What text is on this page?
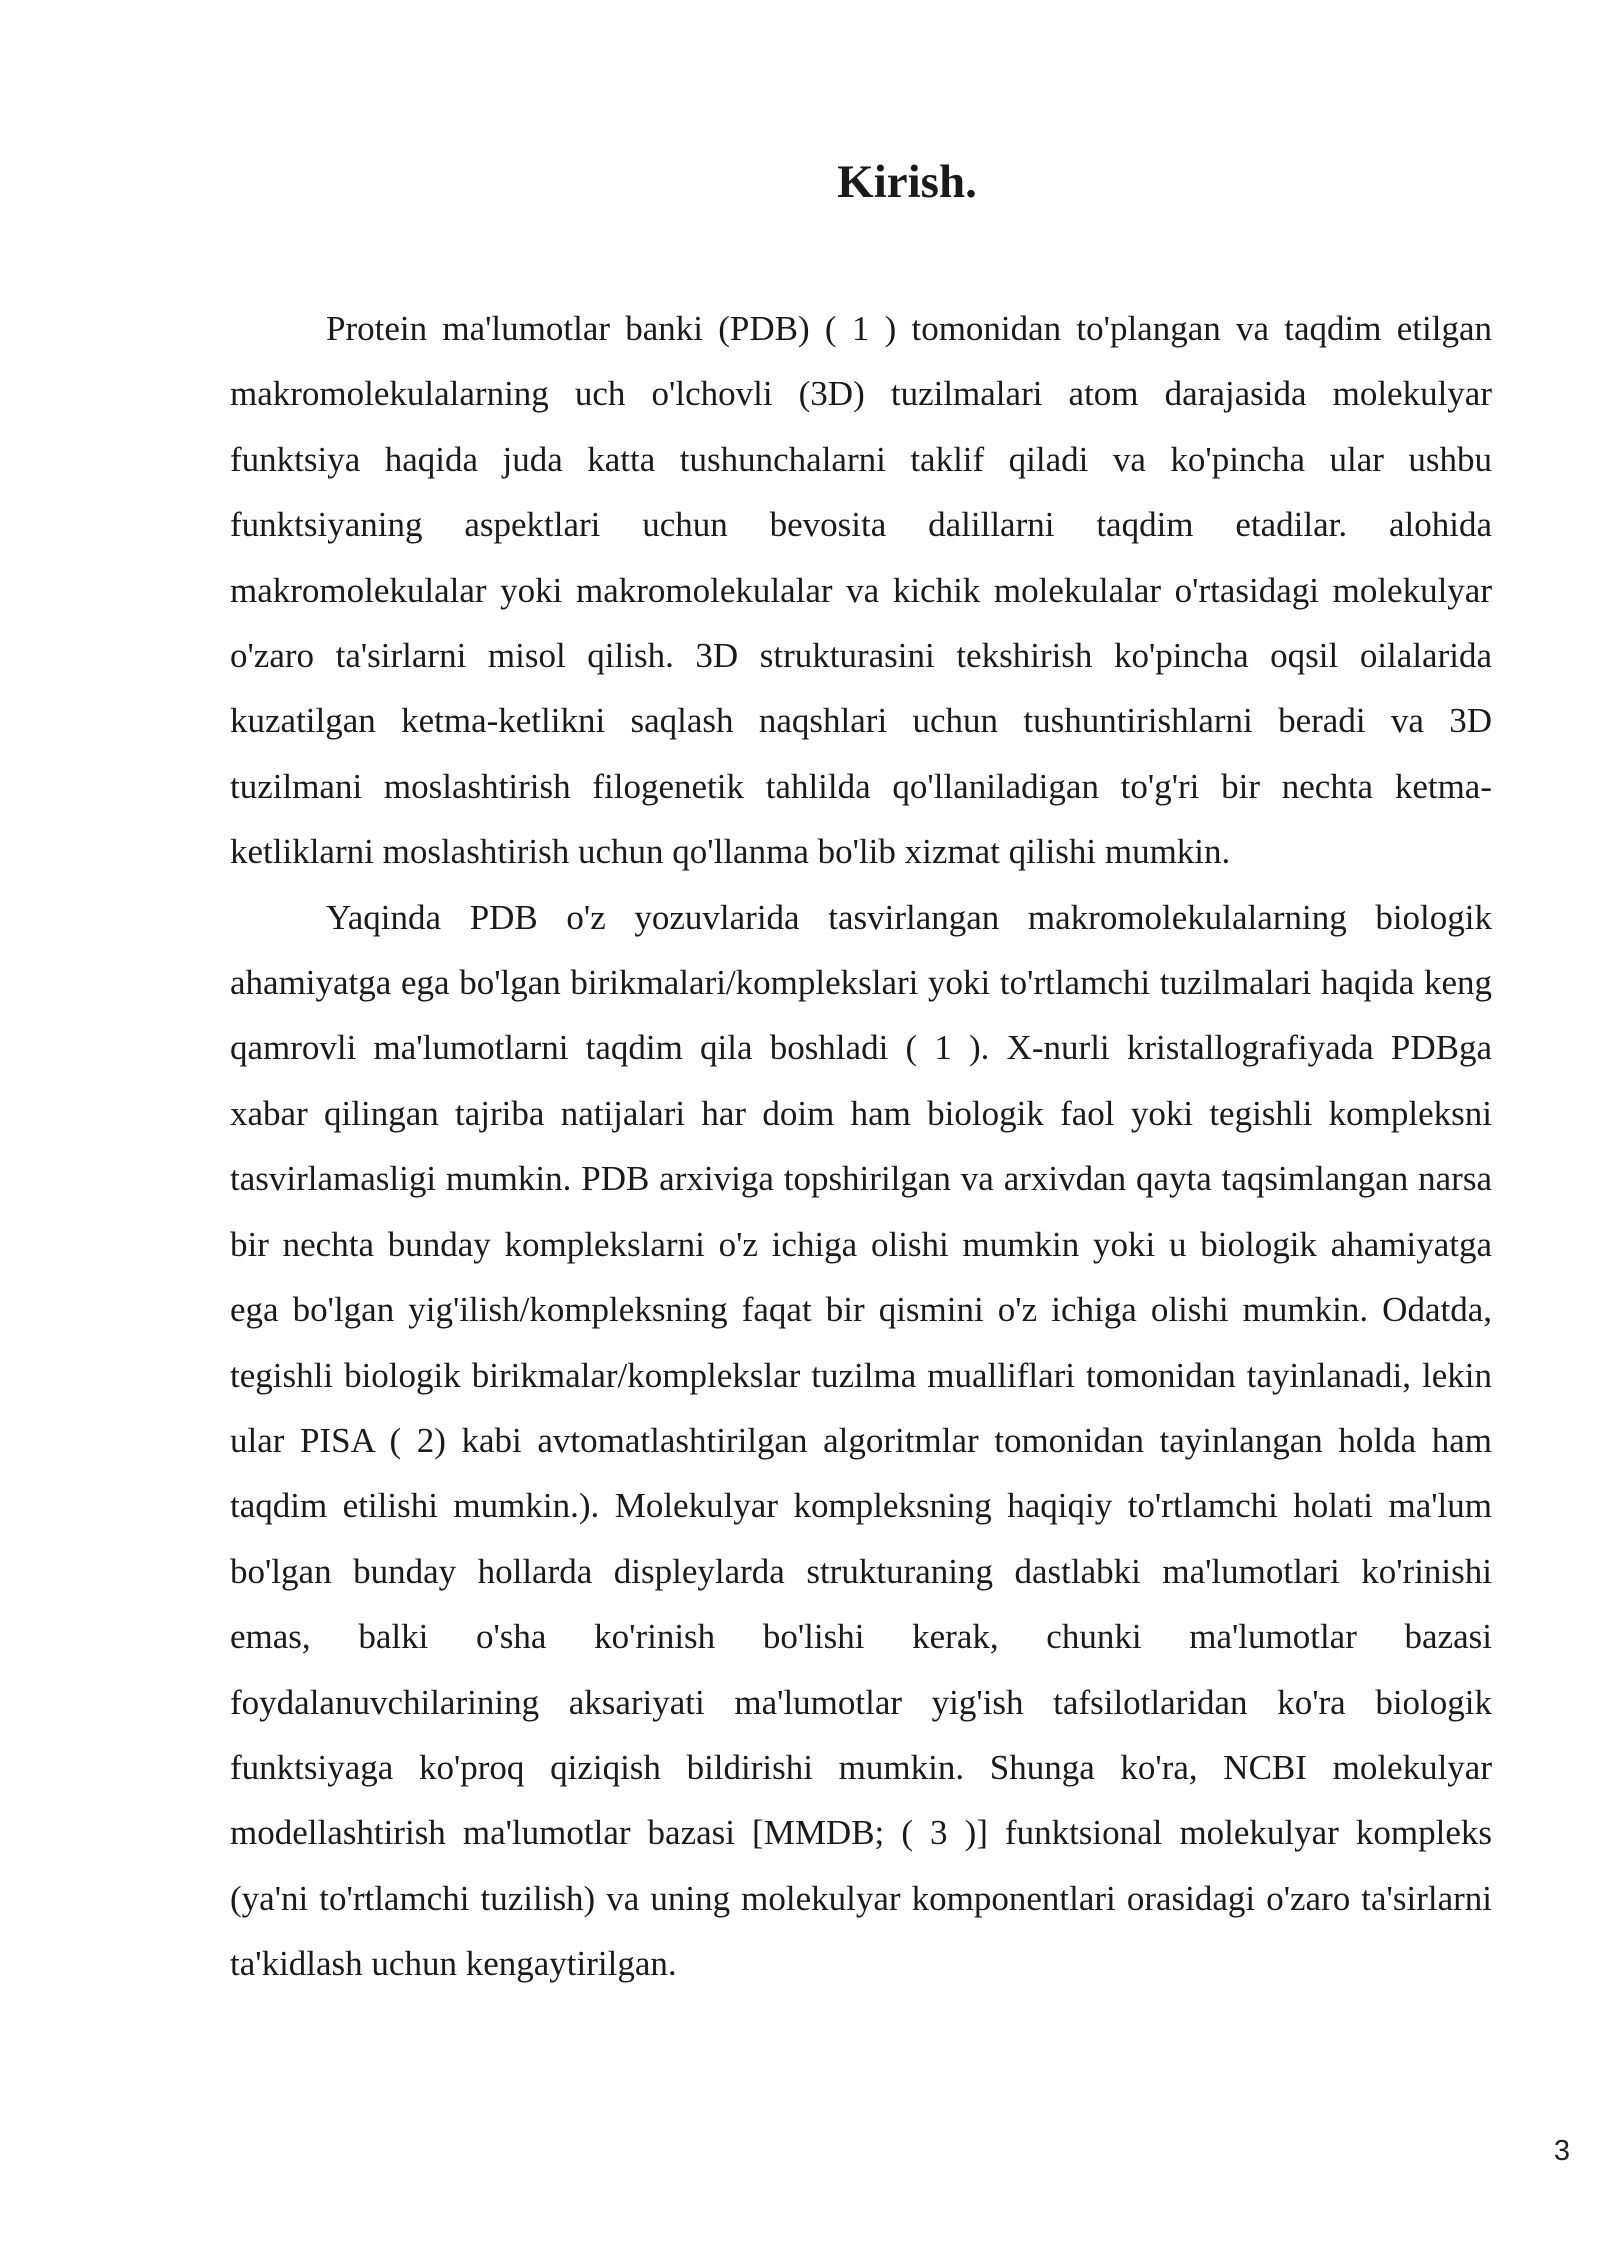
Kirish.

Protein ma'lumotlar banki (PDB) ( 1 ) tomonidan to'plangan va taqdim etilgan makromolekulalarning uch o'lchovli (3D) tuzilmalari atom darajasida molekulyar funktsiya haqida juda katta tushunchalarni taklif qiladi va ko'pincha ular ushbu funktsiyaning aspektlari uchun bevosita dalillarni taqdim etadilar. alohida makromolekulalar yoki makromolekulalar va kichik molekulalar o'rtasidagi molekulyar o'zaro ta'sirlarni misol qilish. 3D strukturasini tekshirish ko'pincha oqsil oilalarida kuzatilgan ketma-ketlikni saqlash naqshlari uchun tushuntirishlarni beradi va 3D tuzilmani moslashtirish filogenetik tahlilda qo'llaniladigan to'g'ri bir nechta ketma-ketliklarni moslashtirish uchun qo'llanma bo'lib xizmat qilishi mumkin.

Yaqinda PDB o'z yozuvlarida tasvirlangan makromolekulalarning biologik ahamiyatga ega bo'lgan birikmalari/komplekslari yoki to'rtlamchi tuzilmalari haqida keng qamrovli ma'lumotlarni taqdim qila boshladi ( 1 ). X-nurli kristallografiyada PDBga xabar qilingan tajriba natijalari har doim ham biologik faol yoki tegishli kompleksni tasvirlamasligi mumkin. PDB arxiviga topshirilgan va arxivdan qayta taqsimlangan narsa bir nechta bunday komplekslarni o'z ichiga olishi mumkin yoki u biologik ahamiyatga ega bo'lgan yig'ilish/kompleksning faqat bir qismini o'z ichiga olishi mumkin. Odatda, tegishli biologik birikmalar/komplekslar tuzilma mualliflari tomonidan tayinlanadi, lekin ular PISA ( 2) kabi avtomatlashtirilgan algoritmlar tomonidan tayinlangan holda ham taqdim etilishi mumkin.). Molekulyar kompleksning haqiqiy to'rtlamchi holati ma'lum bo'lgan bunday hollarda displeylarda strukturaning dastlabki ma'lumotlari ko'rinishi emas, balki o'sha ko'rinish bo'lishi kerak, chunki ma'lumotlar bazasi foydalanuvchilarining aksariyati ma'lumotlar yig'ish tafsilotlaridan ko'ra biologik funktsiyaga ko'proq qiziqish bildirishi mumkin. Shunga ko'ra, NCBI molekulyar modellashtirish ma'lumotlar bazasi [MMDB; ( 3 )] funktsional molekulyar kompleks (ya'ni to'rtlamchi tuzilish) va uning molekulyar komponentlari orasidagi o'zaro ta'sirlarni ta'kidlash uchun kengaytirilgan.

3
